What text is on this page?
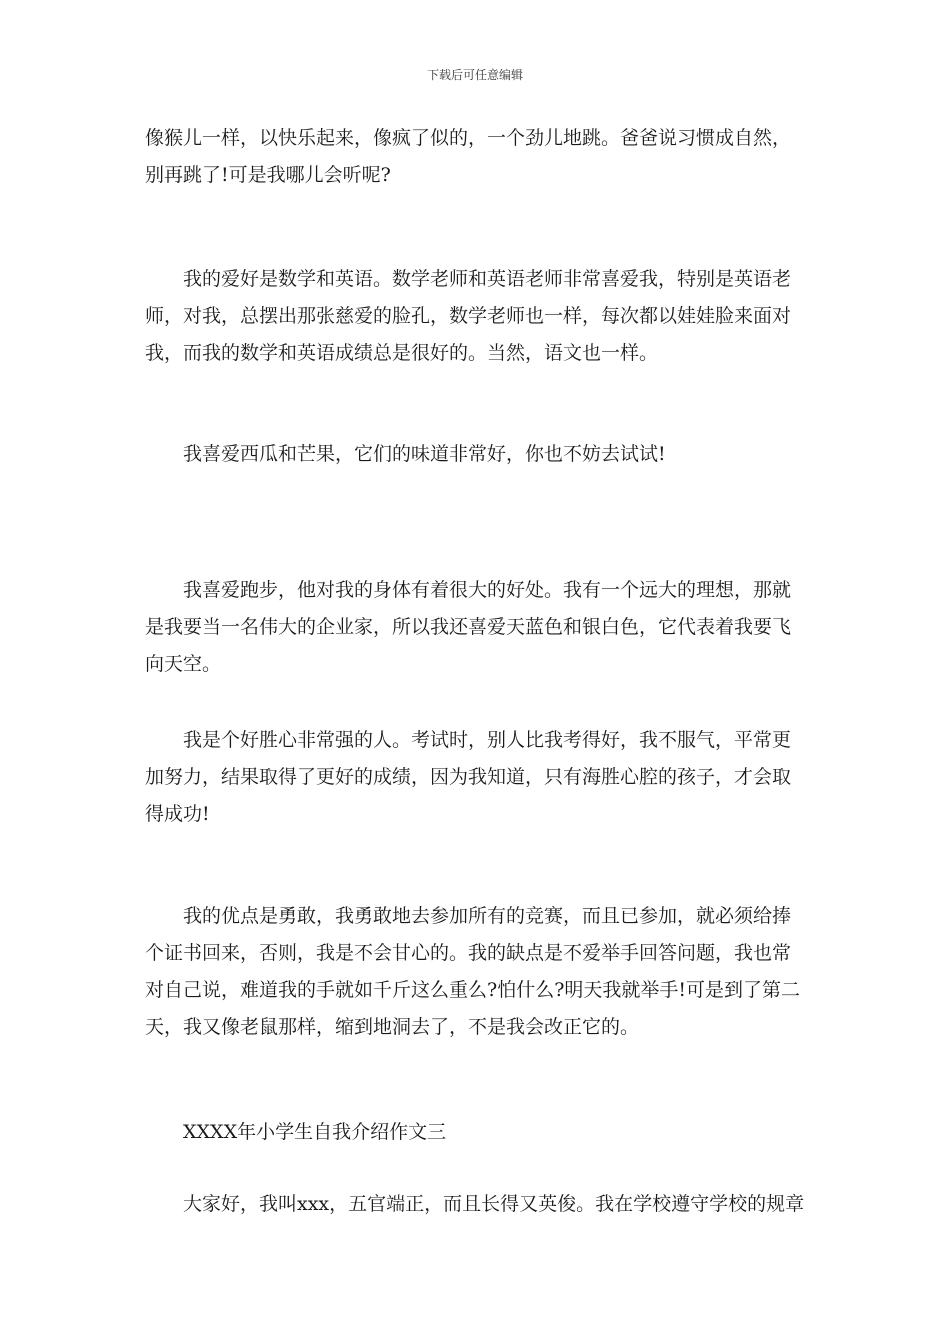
下载后可任意编辑
像猴儿一样，以快乐起来，像疯了似的，一个劲儿地跳。爸爸说习惯成自然，
别再跳了!可是我哪儿会听呢?
我的爱好是数学和英语。数学老师和英语老师非常喜爱我，特别是英语老
师，对我，总摆出那张慈爱的脸孔，数学老师也一样，每次都以娃娃脸来面对
我，而我的数学和英语成绩总是很好的。当然，语文也一样。
我喜爱西瓜和芒果，它们的味道非常好，你也不妨去试试!
我喜爱跑步，他对我的身体有着很大的好处。我有一个远大的理想，那就
是我要当一名伟大的企业家，所以我还喜爱天蓝色和银白色，它代表着我要飞
向天空。
我是个好胜心非常强的人。考试时，别人比我考得好，我不服气，平常更
加努力，结果取得了更好的成绩，因为我知道，只有海胜心腔的孩子，才会取
得成功!
我的优点是勇敢，我勇敢地去参加所有的竞赛，而且已参加，就必须给捧
个证书回来，否则，我是不会甘心的。我的缺点是不爱举手回答问题，我也常
对自己说，难道我的手就如千斤这么重么?怕什么?明天我就举手!可是到了第二
天，我又像老鼠那样，缩到地洞去了，不是我会改正它的。
XXXX年小学生自我介绍作文三
大家好，我叫xxx，五官端正，而且长得又英俊。我在学校遵守学校的规章
